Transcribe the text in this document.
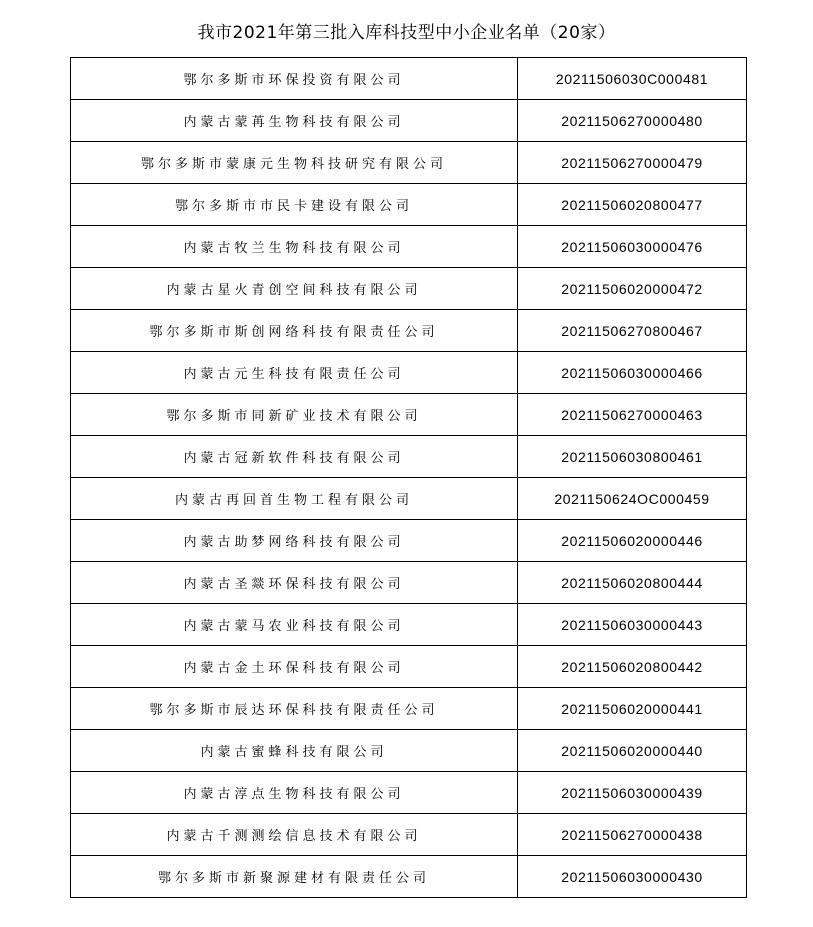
我市2021年第三批入库科技型中小企业名单（20家）
鄂尔多斯市环保投资有限公司	20211506030C000481
内蒙古蒙苒生物科技有限公司	20211506270000480
鄂尔多斯市蒙康元生物科技研究有限公司	20211506270000479
鄂尔多斯市市民卡建设有限公司	20211506020800477
内蒙古牧兰生物科技有限公司	20211506030000476
内蒙古星火青创空间科技有限公司	20211506020000472
鄂尔多斯市斯创网络科技有限责任公司	20211506270800467
内蒙古元生科技有限责任公司	20211506030000466
鄂尔多斯市同新矿业技术有限公司	20211506270000463
内蒙古冠新软件科技有限公司	20211506030800461
内蒙古再回首生物工程有限公司	2021150624OC000459
内蒙古助梦网络科技有限公司	20211506020000446
内蒙古圣燚环保科技有限公司	20211506020800444
内蒙古蒙马农业科技有限公司	20211506030000443
内蒙古金土环保科技有限公司	20211506020800442
鄂尔多斯市辰达环保科技有限责任公司	20211506020000441
内蒙古蜜蜂科技有限公司	20211506020000440
内蒙古淳点生物科技有限公司	20211506030000439
内蒙古千测测绘信息技术有限公司	20211506270000438
鄂尔多斯市新聚源建材有限责任公司	20211506030000430
